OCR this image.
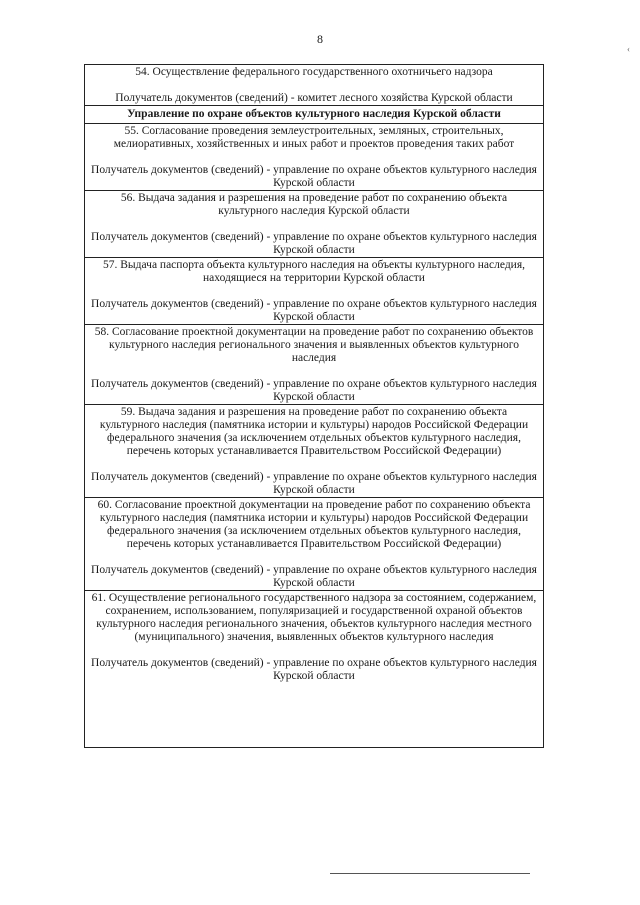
8
‹
54. Осуществление федерального государственного охотничьего надзора
Получатель документов (сведений) - комитет лесного хозяйства Курской области

Управление по охране объектов культурного наследия Курской области

55. Согласование проведения землеустроительных, земляных, строительных, мелиоративных, хозяйственных и иных работ и проектов проведения таких работ
Получатель документов (сведений) - управление по охране объектов культурного наследия Курской области

56. Выдача задания и разрешения на проведение работ по сохранению объекта культурного наследия Курской области
Получатель документов (сведений) - управление по охране объектов культурного наследия Курской области

57. Выдача паспорта объекта культурного наследия на объекты культурного наследия, находящиеся на территории Курской области
Получатель документов (сведений) - управление по охране объектов культурного наследия Курской области

58. Согласование проектной документации на проведение работ по сохранению объектов культурного наследия регионального значения и выявленных объектов культурного наследия
Получатель документов (сведений) - управление по охране объектов культурного наследия Курской области

59. Выдача задания и разрешения на проведение работ по сохранению объекта культурного наследия (памятника истории и культуры) народов Российской Федерации федерального значения (за исключением отдельных объектов культурного наследия, перечень которых устанавливается Правительством Российской Федерации)
Получатель документов (сведений) - управление по охране объектов культурного наследия Курской области

60. Согласование проектной документации на проведение работ по сохранению объекта культурного наследия (памятника истории и культуры) народов Российской Федерации федерального значения (за исключением отдельных объектов культурного наследия, перечень которых устанавливается Правительством Российской Федерации)
Получатель документов (сведений) - управление по охране объектов культурного наследия Курской области

61. Осуществление регионального государственного надзора за состоянием, содержанием, сохранением, использованием, популяризацией и государственной охраной объектов культурного наследия регионального значения, объектов культурного наследия местного (муниципального) значения, выявленных объектов культурного наследия
Получатель документов (сведений) - управление по охране объектов культурного наследия Курской области
